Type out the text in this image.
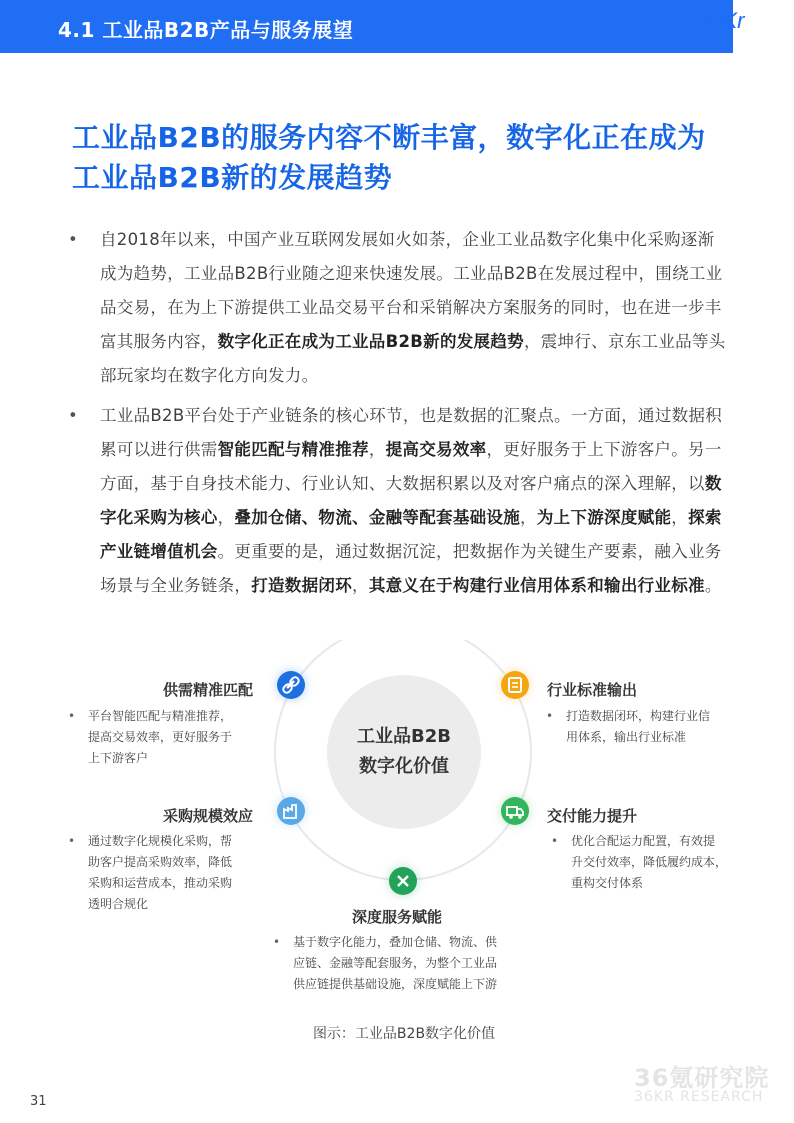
4.1 工业品B2B产品与服务展望	36Kr
工业品B2B的服务内容不断丰富，数字化正在成为工业品B2B新的发展趋势
• 自2018年以来，中国产业互联网发展如火如荼，企业工业品数字化集中化采购逐渐成为趋势，工业品B2B行业随之迎来快速发展。工业品B2B在发展过程中，围绕工业品交易，在为上下游提供工业品交易平台和采销解决方案服务的同时，也在进一步丰富其服务内容，数字化正在成为工业品B2B新的发展趋势，震坤行、京东工业品等头部玩家均在数字化方向发力。
• 工业品B2B平台处于产业链条的核心环节，也是数据的汇聚点。一方面，通过数据积累可以进行供需智能匹配与精准推荐，提高交易效率，更好服务于上下游客户。另一方面，基于自身技术能力、行业认知、大数据积累以及对客户痛点的深入理解，以数字化采购为核心，叠加仓储、物流、金融等配套基础设施，为上下游深度赋能，探索产业链增值机会。更重要的是，通过数据沉淀，把数据作为关键生产要素，融入业务场景与全业务链条，打造数据闭环，其意义在于构建行业信用体系和输出行业标准。
工业品B2B
数字化价值
供需精准匹配
• 平台智能匹配与精准推荐，
提高交易效率，更好服务于
上下游客户
行业标准输出
• 打造数据闭环，构建行业信
用体系，输出行业标准
采购规模效应
• 通过数字化规模化采购，帮
助客户提高采购效率，降低
采购和运营成本，推动采购
透明合规化
交付能力提升
• 优化合配运力配置，有效提
升交付效率，降低履约成本，
重构交付体系
深度服务赋能
• 基于数字化能力，叠加仓储、物流、供
应链、金融等配套服务，为整个工业品
供应链提供基础设施，深度赋能上下游
图示：工业品B2B数字化价值
31
36氪研究院
36KR RESEARCH
